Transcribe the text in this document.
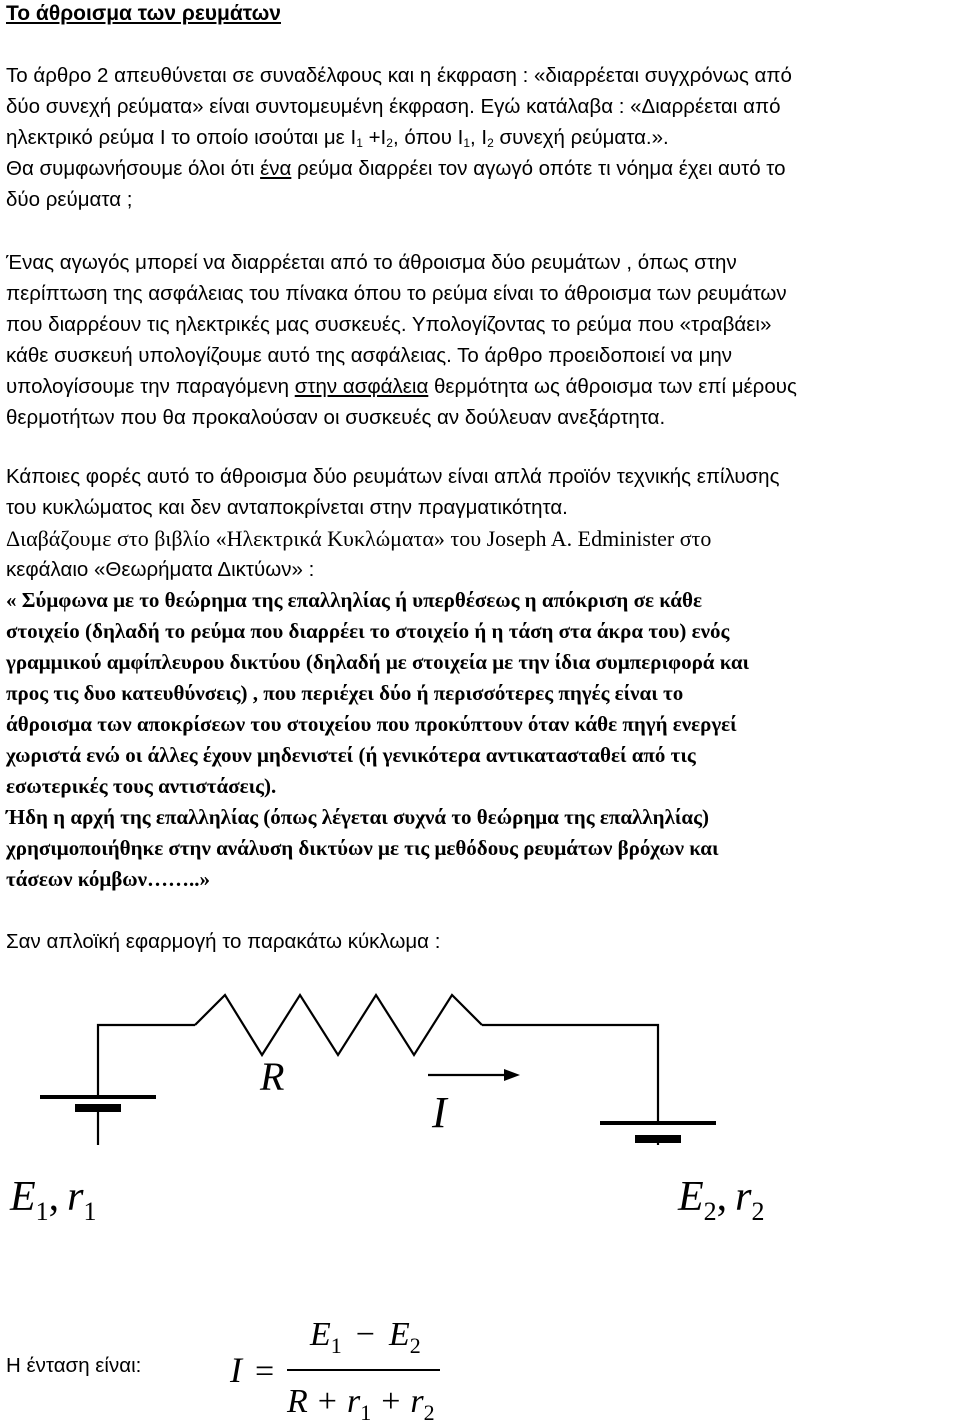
Το άθροισμα των ρευμάτων
Το άρθρο 2 απευθύνεται σε συναδέλφους και η έκφραση : «διαρρέεται συγχρόνως από
δύο συνεχή ρεύματα» είναι συντομευμένη έκφραση. Εγώ κατάλαβα : «Διαρρέεται από
ηλεκτρικό ρεύμα Ι το οποίο ισούται με $I_1 +I_2$, όπου $I_1$, $I_2$ συνεχή ρεύματα.».
Θα συμφωνήσουμε όλοι ότι ένα ρεύμα διαρρέει τον αγωγό οπότε τι νόημα έχει αυτό το
δύο ρεύματα ;
Ένας αγωγός μπορεί να διαρρέεται από το άθροισμα δύο ρευμάτων , όπως στην
περίπτωση της ασφάλειας του πίνακα όπου το ρεύμα είναι το άθροισμα των ρευμάτων
που διαρρέουν τις ηλεκτρικές μας συσκευές. Υπολογίζοντας το ρεύμα που «τραβάει»
κάθε συσκευή υπολογίζουμε αυτό της ασφάλειας. Το άρθρο προειδοποιεί να μην
υπολογίσουμε την παραγόμενη στην ασφάλεια θερμότητα ως άθροισμα των επί μέρους
θερμοτήτων που θα προκαλούσαν οι συσκευές αν δούλευαν ανεξάρτητα.
Κάποιες φορές αυτό το άθροισμα δύο ρευμάτων είναι απλά προϊόν τεχνικής επίλυσης
του κυκλώματος και δεν ανταποκρίνεται στην πραγματικότητα.
Διαβάζουμε στο βιβλίο «Ηλεκτρικά Κυκλώματα» του Joseph A. Edminister στο
κεφάλαιο «Θεωρήματα Δικτύων» :
« Σύμφωνα με το θεώρημα της επαλληλίας ή υπερθέσεως η απόκριση σε κάθε
στοιχείο (δηλαδή το ρεύμα που διαρρέει το στοιχείο ή η τάση στα άκρα του) ενός
γραμμικού αμφίπλευρου δικτύου (δηλαδή με στοιχεία με την ίδια συμπεριφορά και
προς τις δυο κατευθύνσεις) , που περιέχει δύο ή περισσότερες πηγές είναι το
άθροισμα των αποκρίσεων του στοιχείου που προκύπτουν όταν κάθε πηγή ενεργεί
χωριστά ενώ οι άλλες έχουν μηδενιστεί (ή γενικότερα αντικατασταθεί από τις
εσωτερικές τους αντιστάσεις).
Ήδη η αρχή της επαλληλίας (όπως λέγεται συχνά το θεώρημα της επαλληλίας)
χρησιμοποιήθηκε στην ανάλυση δικτύων με τις μεθόδους ρευμάτων βρόχων και
τάσεων κόμβων……..»
Σαν απλοϊκή εφαρμογή το παρακάτω κύκλωμα :
R
I
$E_1$, $r_1$	$E_2$, $r_2$
Η ένταση είναι:	I =
$E_1 - E_2$
$R + r_1 + r_2$
